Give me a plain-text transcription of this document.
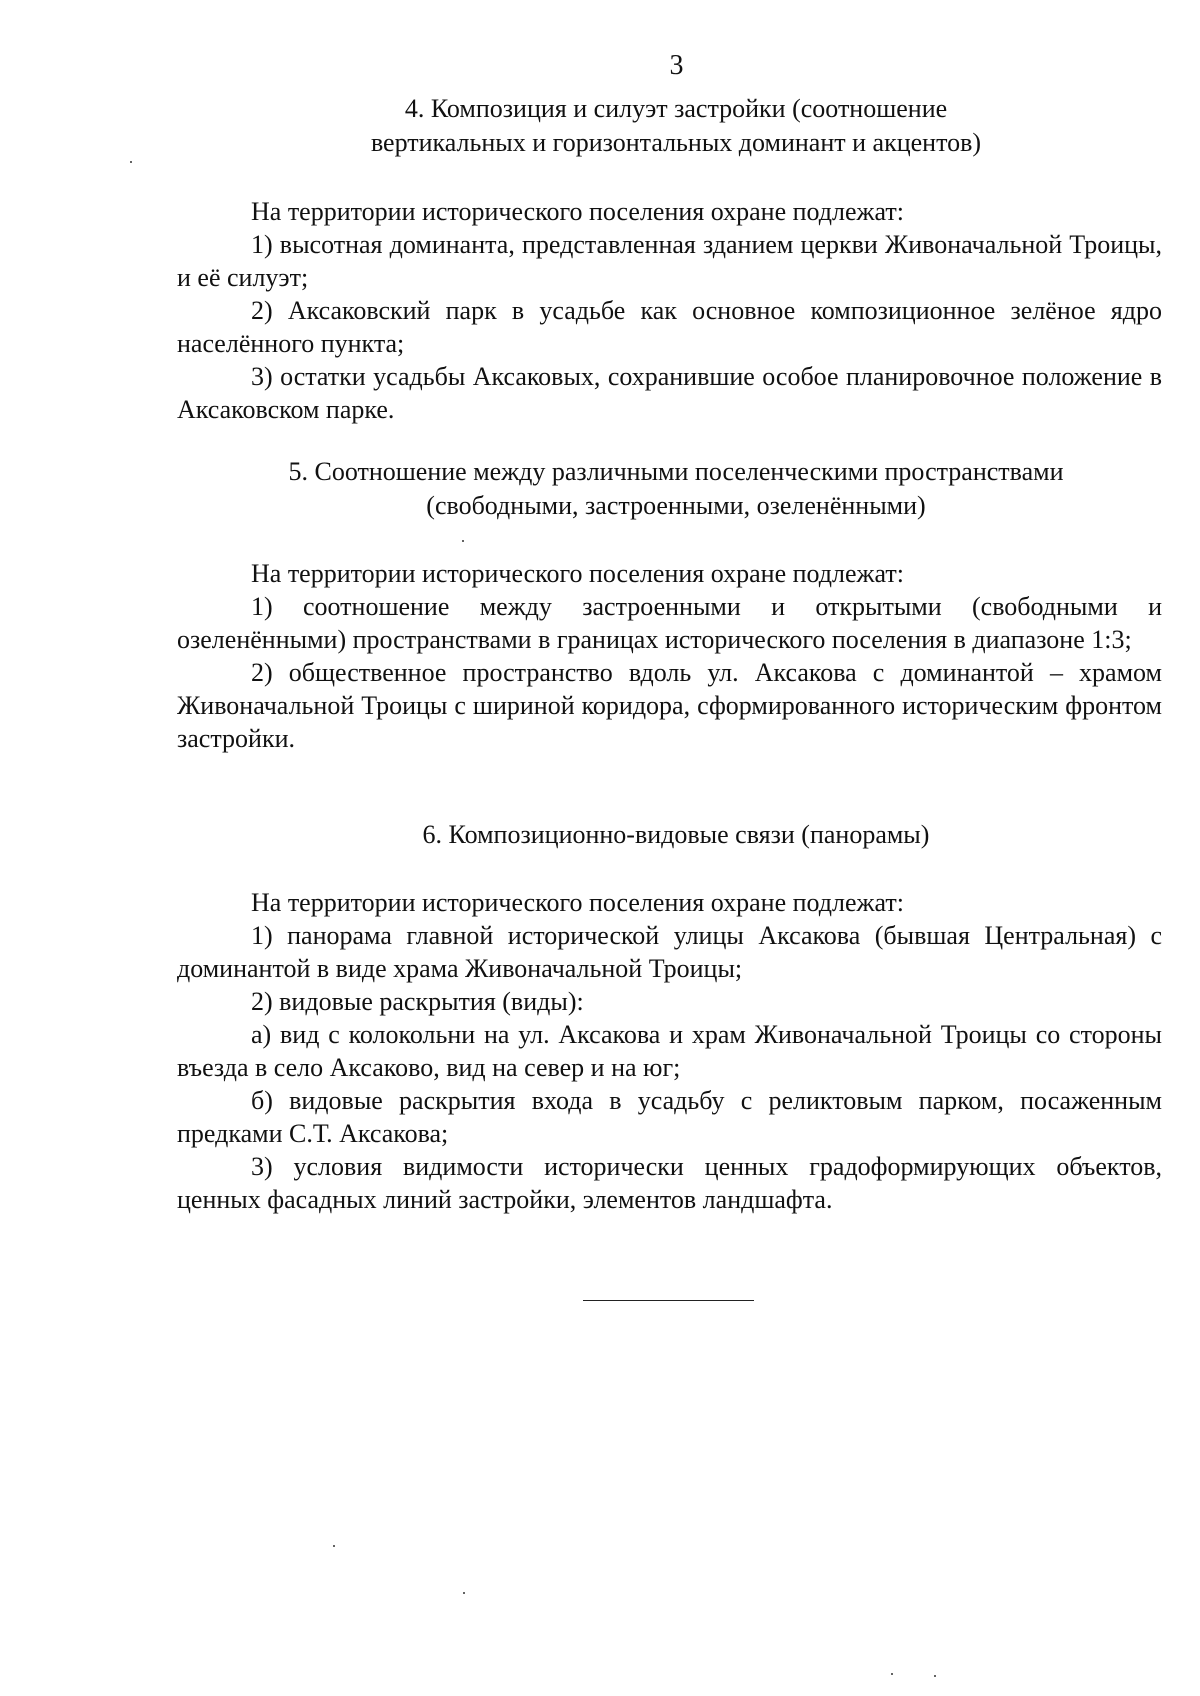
3
4. Композиция и силуэт застройки (соотношение
вертикальных и горизонтальных доминант и акцентов)

На территории исторического поселения охране подлежат:

1) высотная доминанта, представленная зданием церкви Живоначальной Троицы, и её силуэт;

2) Аксаковский парк в усадьбе как основное композиционное зелёное ядро населённого пункта;

3) остатки усадьбы Аксаковых, сохранившие особое планировочное положение в Аксаковском парке.

5. Соотношение между различными поселенческими пространствами
(свободными, застроенными, озеленёнными)

На территории исторического поселения охране подлежат:

1) соотношение между застроенными и открытыми (свободными и озеленёнными) пространствами в границах исторического поселения в диапазоне 1:3;

2) общественное пространство вдоль ул. Аксакова с доминантой – храмом Живоначальной Троицы с шириной коридора, сформированного историческим фронтом застройки.

6. Композиционно-видовые связи (панорамы)

На территории исторического поселения охране подлежат:

1) панорама главной исторической улицы Аксакова (бывшая Центральная) с доминантой в виде храма Живоначальной Троицы;

2) видовые раскрытия (виды):

а) вид с колокольни на ул. Аксакова и храм Живоначальной Троицы со стороны въезда в село Аксаково, вид на север и на юг;

б) видовые раскрытия входа в усадьбу с реликтовым парком, посаженным предками С.Т. Аксакова;

3) условия видимости исторически ценных градоформирующих объектов, ценных фасадных линий застройки, элементов ландшафта.
